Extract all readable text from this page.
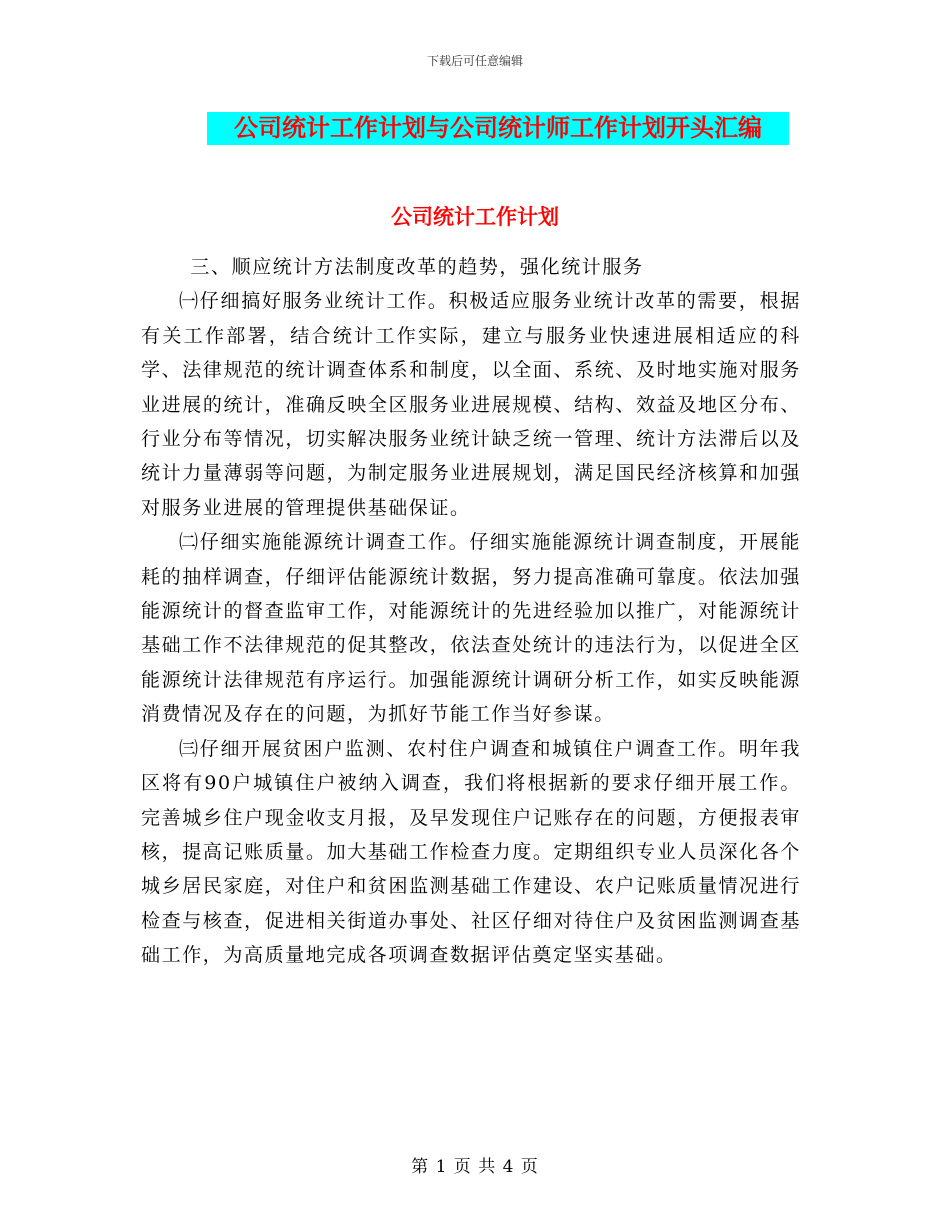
下载后可任意编辑
公司统计工作计划与公司统计师工作计划开头汇编
公司统计工作计划

三、顺应统计方法制度改革的趋势，强化统计服务

㈠仔细搞好服务业统计工作。积极适应服务业统计改革的需要，根据有关工作部署，结合统计工作实际，建立与服务业快速进展相适应的科学、法律规范的统计调查体系和制度，以全面、系统、及时地实施对服务业进展的统计，准确反映全区服务业进展规模、结构、效益及地区分布、行业分布等情况，切实解决服务业统计缺乏统一管理、统计方法滞后以及统计力量薄弱等问题，为制定服务业进展规划，满足国民经济核算和加强对服务业进展的管理提供基础保证。

㈡仔细实施能源统计调查工作。仔细实施能源统计调查制度，开展能耗的抽样调查，仔细评估能源统计数据，努力提高准确可靠度。依法加强能源统计的督查监审工作，对能源统计的先进经验加以推广，对能源统计基础工作不法律规范的促其整改，依法查处统计的违法行为，以促进全区能源统计法律规范有序运行。加强能源统计调研分析工作，如实反映能源消费情况及存在的问题，为抓好节能工作当好参谋。

㈢仔细开展贫困户监测、农村住户调查和城镇住户调查工作。明年我区将有90户城镇住户被纳入调查，我们将根据新的要求仔细开展工作。完善城乡住户现金收支月报，及早发现住户记账存在的问题，方便报表审核，提高记账质量。加大基础工作检查力度。定期组织专业人员深化各个城乡居民家庭，对住户和贫困监测基础工作建设、农户记账质量情况进行检查与核查，促进相关街道办事处、社区仔细对待住户及贫困监测调查基础工作，为高质量地完成各项调查数据评估奠定坚实基础。

第 1 页 共 4 页
